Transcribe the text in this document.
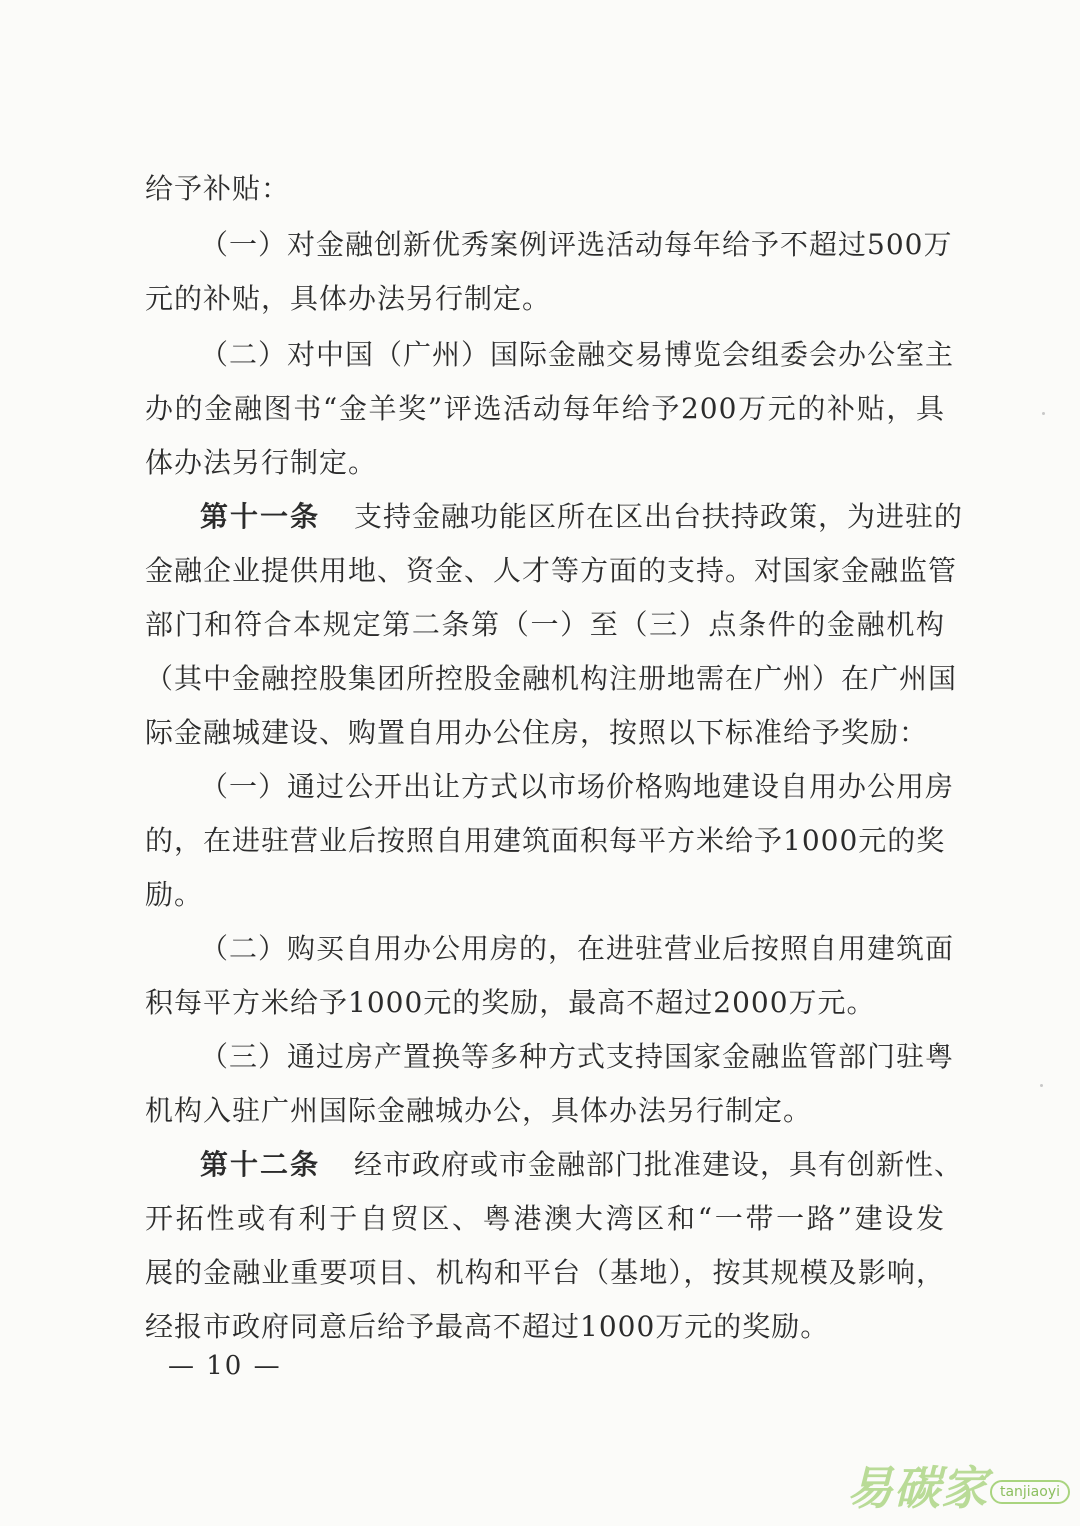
给予补贴：
（一）对金融创新优秀案例评选活动每年给予不超过500万
元的补贴，具体办法另行制定。
（二）对中国（广州）国际金融交易博览会组委会办公室主
办的金融图书“金羊奖”评选活动每年给予200万元的补贴，具
体办法另行制定。
第十一条 支持金融功能区所在区出台扶持政策，为进驻的
金融企业提供用地、资金、人才等方面的支持。对国家金融监管
部门和符合本规定第二条第（一）至（三）点条件的金融机构
（其中金融控股集团所控股金融机构注册地需在广州）在广州国
际金融城建设、购置自用办公住房，按照以下标准给予奖励：
（一）通过公开出让方式以市场价格购地建设自用办公用房
的，在进驻营业后按照自用建筑面积每平方米给予1000元的奖
励。
（二）购买自用办公用房的，在进驻营业后按照自用建筑面
积每平方米给予1000元的奖励，最高不超过2000万元。
（三）通过房产置换等多种方式支持国家金融监管部门驻粤
机构入驻广州国际金融城办公，具体办法另行制定。
第十二条 经市政府或市金融部门批准建设，具有创新性、
开拓性或有利于自贸区、粤港澳大湾区和“一带一路”建设发
展的金融业重要项目、机构和平台（基地），按其规模及影响，
经报市政府同意后给予最高不超过1000万元的奖励。
— 10 —
易碳家 tanjiaoyi
